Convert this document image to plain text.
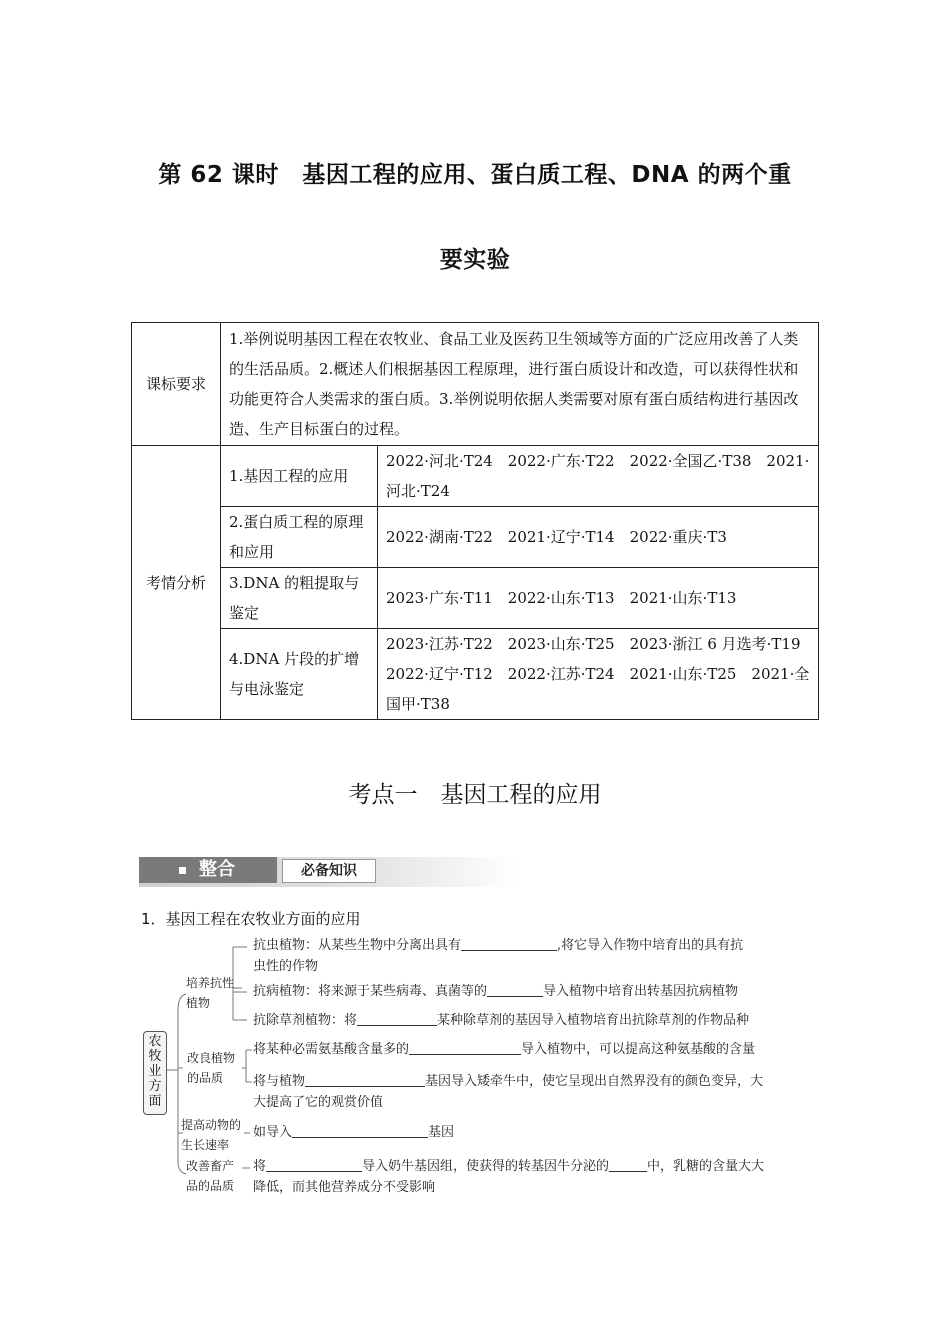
第 62 课时　基因工程的应用、蛋白质工程、DNA 的两个重
要实验
课标要求	1.举例说明基因工程在农牧业、食品工业及医药卫生领域等方面的广泛应用改善了人类的生活品质。2.概述人们根据基因工程原理，进行蛋白质设计和改造，可以获得性状和功能更符合人类需求的蛋白质。3.举例说明依据人类需要对原有蛋白质结构进行基因改造、生产目标蛋白的过程。	
考情分析	1.基因工程的应用	2022·河北·T24　2022·广东·T22　2022·全国乙·T38　2021·河北·T24
	2.蛋白质工程的原理和应用	2022·湖南·T22　2021·辽宁·T14　2022·重庆·T3
	3.DNA 的粗提取与鉴定	2023·广东·T11　2022·山东·T13　2021·山东·T13
	4.DNA 片段的扩增与电泳鉴定	2023·江苏·T22　2023·山东·T25　2023·浙江 6 月选考·T19
2022·辽宁·T12　2022·江苏·T24　2021·山东·T25　2021·全国甲·T38
考点一　基因工程的应用
整合	必备知识
1．基因工程在农牧业方面的应用
农牧业方面
培养抗性
植物
抗虫植物：从某些生物中分离出具有	,将它导入作物中培育出的具有抗
虫性的作物
抗病植物：将来源于某些病毒、真菌等的	导入植物中培育出转基因抗病植物
抗除草剂植物：将	某种除草剂的基因导入植物培育出抗除草剂的作物品种
改良植物
的品质
将某种必需氨基酸含量多的	导入植物中，可以提高这种氨基酸的含量
将与植物	基因导入矮牵牛中，使它呈现出自然界没有的颜色变异，大
大提高了它的观赏价值
提高动物的
生长速率
如导入	基因
改善畜产
品的品质
将	导入奶牛基因组，使获得的转基因牛分泌的	中，乳糖的含量大大
降低，而其他营养成分不受影响
